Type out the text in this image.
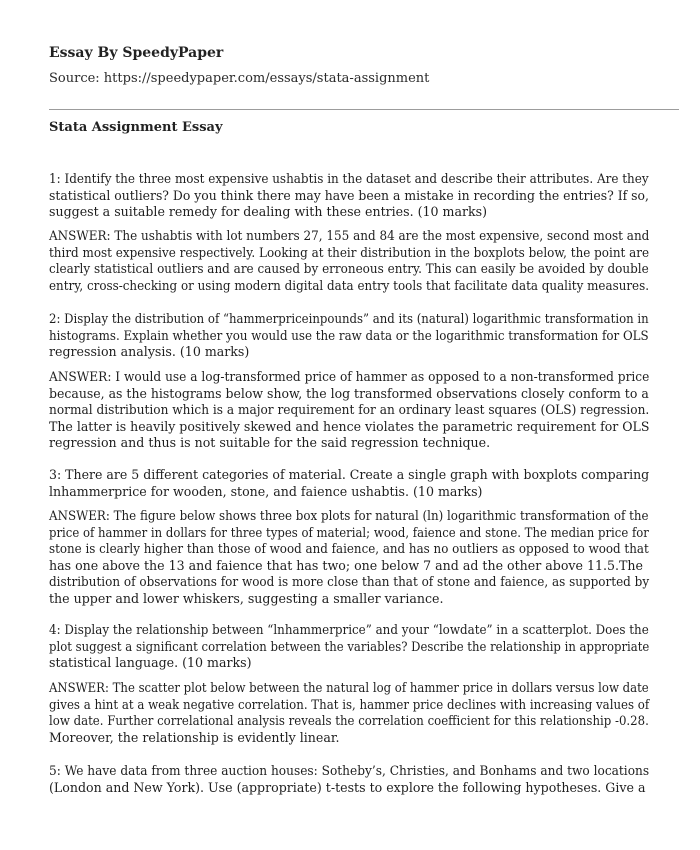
Essay By SpeedyPaper

Source: https://speedypaper.com/essays/stata-assignment

Stata Assignment Essay

1: Identify the three most expensive ushabtis in the dataset and describe their attributes. Are they
statistical outliers? Do you think there may have been a mistake in recording the entries? If so,
suggest a suitable remedy for dealing with these entries. (10 marks)

ANSWER: The ushabtis with lot numbers 27, 155 and 84 are the most expensive, second most and
third most expensive respectively. Looking at their distribution in the boxplots below, the point are
clearly statistical outliers and are caused by erroneous entry. This can easily be avoided by double
entry, cross-checking or using modern digital data entry tools that facilitate data quality measures.

2: Display the distribution of “hammerpriceinpounds” and its (natural) logarithmic transformation in
histograms. Explain whether you would use the raw data or the logarithmic transformation for OLS
regression analysis. (10 marks)

ANSWER: I would use a log-transformed price of hammer as opposed to a non-transformed price
because, as the histograms below show, the log transformed observations closely conform to a
normal distribution which is a major requirement for an ordinary least squares (OLS) regression.
The latter is heavily positively skewed and hence violates the parametric requirement for OLS
regression and thus is not suitable for the said regression technique.

3: There are 5 different categories of material. Create a single graph with boxplots comparing
lnhammerprice for wooden, stone, and faience ushabtis. (10 marks)

ANSWER: The figure below shows three box plots for natural (ln) logarithmic transformation of the
price of hammer in dollars for three types of material; wood, faience and stone. The median price for
stone is clearly higher than those of wood and faience, and has no outliers as opposed to wood that
has one above the 13 and faience that has two; one below 7 and ad the other above 11.5.The
distribution of observations for wood is more close than that of stone and faience, as supported by
the upper and lower whiskers, suggesting a smaller variance.

4: Display the relationship between “lnhammerprice” and your “lowdate” in a scatterplot. Does the
plot suggest a significant correlation between the variables? Describe the relationship in appropriate
statistical language. (10 marks)

ANSWER: The scatter plot below between the natural log of hammer price in dollars versus low date
gives a hint at a weak negative correlation. That is, hammer price declines with increasing values of
low date. Further correlational analysis reveals the correlation coefficient for this relationship -0.28.
Moreover, the relationship is evidently linear.

5: We have data from three auction houses: Sotheby’s, Christies, and Bonhams and two locations
(London and New York). Use (appropriate) t-tests to explore the following hypotheses. Give a
